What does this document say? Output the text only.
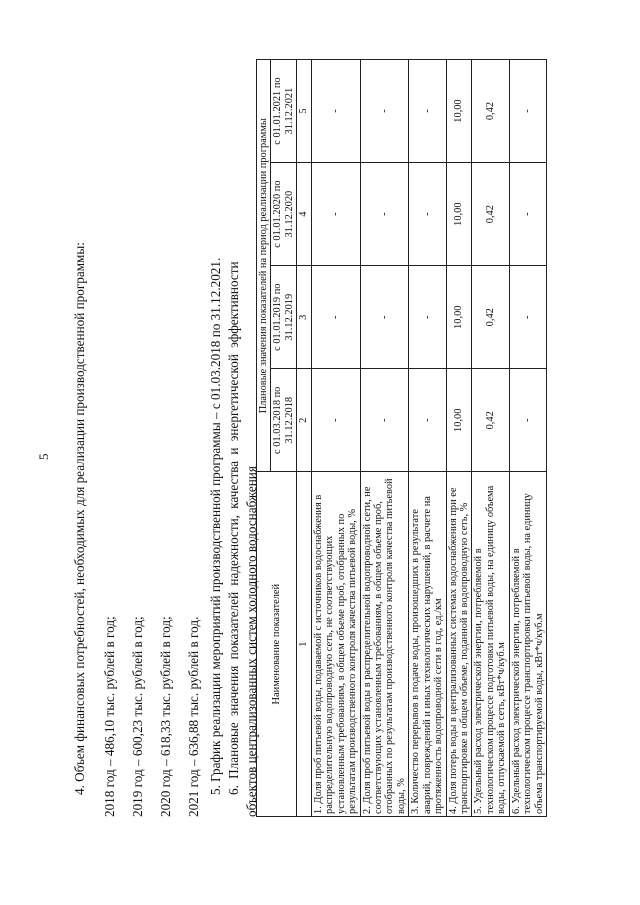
5 4. Объем финансовых потребностей, необходимых для реализации производственной программы: 2018 год – 486,10 тыс. рублей в год; 2019 год – 600,23 тыс. рублей в год; 2020 год – 618,33 тыс. рублей в год; 2021 год – 636,88 тыс. рублей в год. 5. График реализации мероприятий производственной программы – с 01.03.2018 по 31.12.2021. 6. Плановые значения показателей надежности, качества и энергетической эффективности объектов централизованных систем холодного водоснабжения Наименование показателей	Плановые значения показателей на период реализации программы			
	с 01.03.2018 по 31.12.2018	с 01.01.2019 по 31.12.2019	с 01.01.2020 по 31.12.2020	с 01.01.2021 по 31.12.2021
1	2	3	4	5
1. Доля проб питьевой воды, подаваемой с источников водоснабжения в распределительную водопроводную сеть, не соответствующих установленным требованиям, в общем объеме проб, отобранных по результатам производственного контроля качества питьевой воды, %	-	-	-	-
2. Доля проб питьевой воды в распределительной водопроводной сети, не соответствующих установленным требованиям, в общем объеме проб, отобранных по результатам производственного контроля качества питьевой воды, %	-	-	-	-
3. Количество перерывов в подаче воды, произошедших в результате аварий, повреждений и иных технологических нарушений, в расчете на протяженность водопроводной сети в год, ед./км	-	-	-	-
4. Доля потерь воды в централизованных системах водоснабжения при ее транспортировке в общем объеме, поданной в водопроводную сеть, %	10,00	10,00	10,00	10,00
5. Удельный расход электрической энергии, потребляемой в технологическом процессе подготовки питьевой воды, на единицу объема воды, отпускаемой в сеть, кВт*ч/куб.м	0,42	0,42	0,42	0,42
6. Удельный расход электрической энергии, потребляемой в технологическом процессе транспортировки питьевой воды, на единицу объема транспортируемой воды, кВт*ч/куб.м	-	-	-	-
